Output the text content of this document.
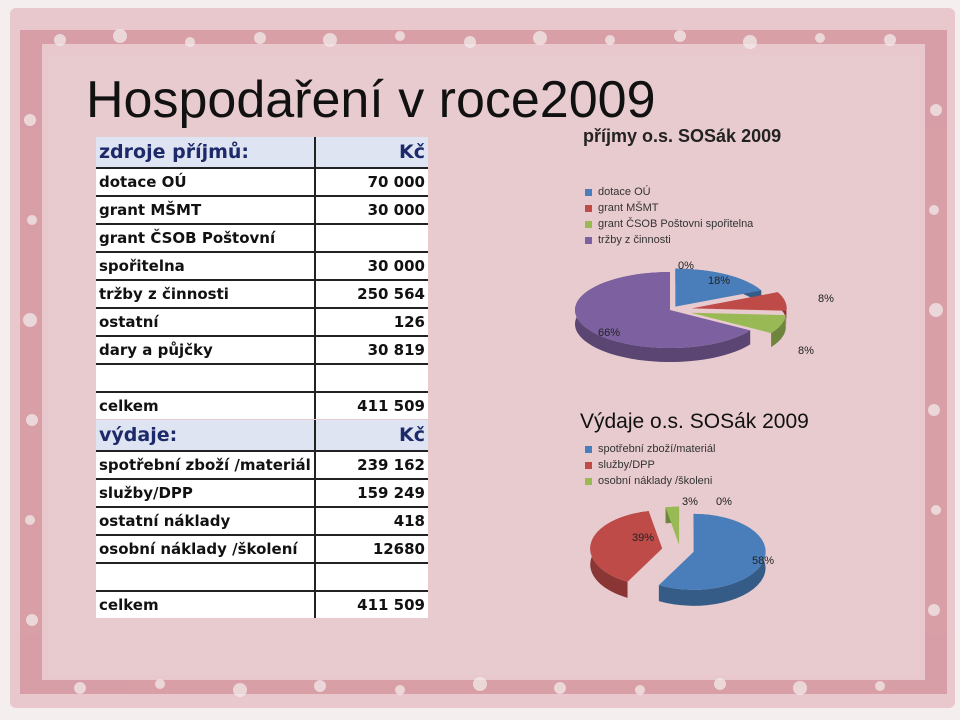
Hospodaření v roce2009
zdroje příjmů:	Kč
dotace OÚ	70 000
grant MŠMT	30 000
grant ČSOB Poštovní	
spořitelna	30 000
tržby z činnosti	250 564
ostatní	126
dary a půjčky	30 819

celkem	411 509
výdaje:	Kč
spotřební zboží /materiál	239 162
služby/DPP	159 249
ostatní náklady	418
osobní náklady /školení	12680

celkem	411 509
příjmy o.s. SOSák 2009
dotace OÚ
grant MŠMT
grant ČSOB Poštovni spořitelna
tržby z činnosti
18%
8%
8%
66%
0%
Výdaje o.s. SOSák 2009
spotřební zboží/materiál
služby/DPP
osobní náklady /školeni
58%
39%
3% 0%
